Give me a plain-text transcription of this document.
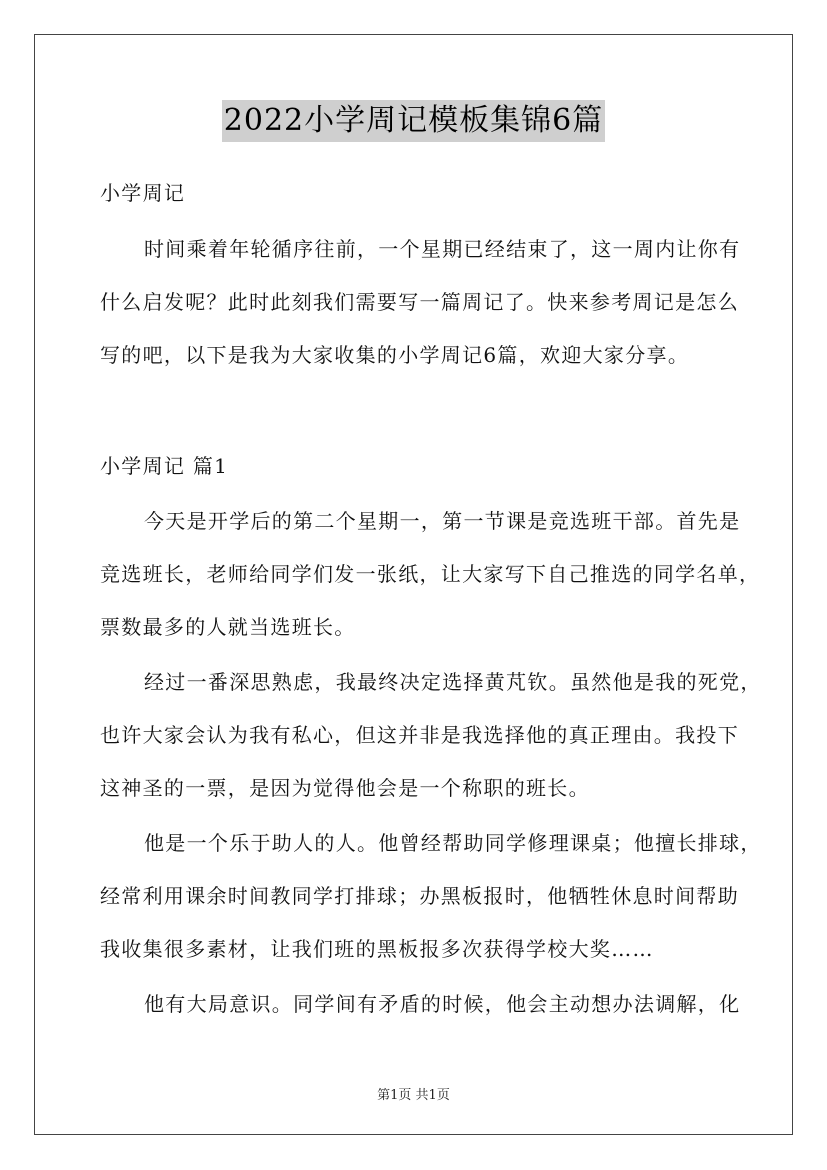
2022小学周记模板集锦6篇
小学周记
时间乘着年轮循序往前，一个星期已经结束了，这一周内让你有
什么启发呢？此时此刻我们需要写一篇周记了。快来参考周记是怎么
写的吧，以下是我为大家收集的小学周记6篇，欢迎大家分享。
小学周记 篇1
今天是开学后的第二个星期一，第一节课是竞选班干部。首先是
竞选班长，老师给同学们发一张纸，让大家写下自己推选的同学名单，
票数最多的人就当选班长。
经过一番深思熟虑，我最终决定选择黄芃钦。虽然他是我的死党，
也许大家会认为我有私心，但这并非是我选择他的真正理由。我投下
这神圣的一票，是因为觉得他会是一个称职的班长。
他是一个乐于助人的人。他曾经帮助同学修理课桌；他擅长排球，
经常利用课余时间教同学打排球；办黑板报时，他牺牲休息时间帮助
我收集很多素材，让我们班的黑板报多次获得学校大奖……
他有大局意识。同学间有矛盾的时候，他会主动想办法调解，化
第1页 共1页
